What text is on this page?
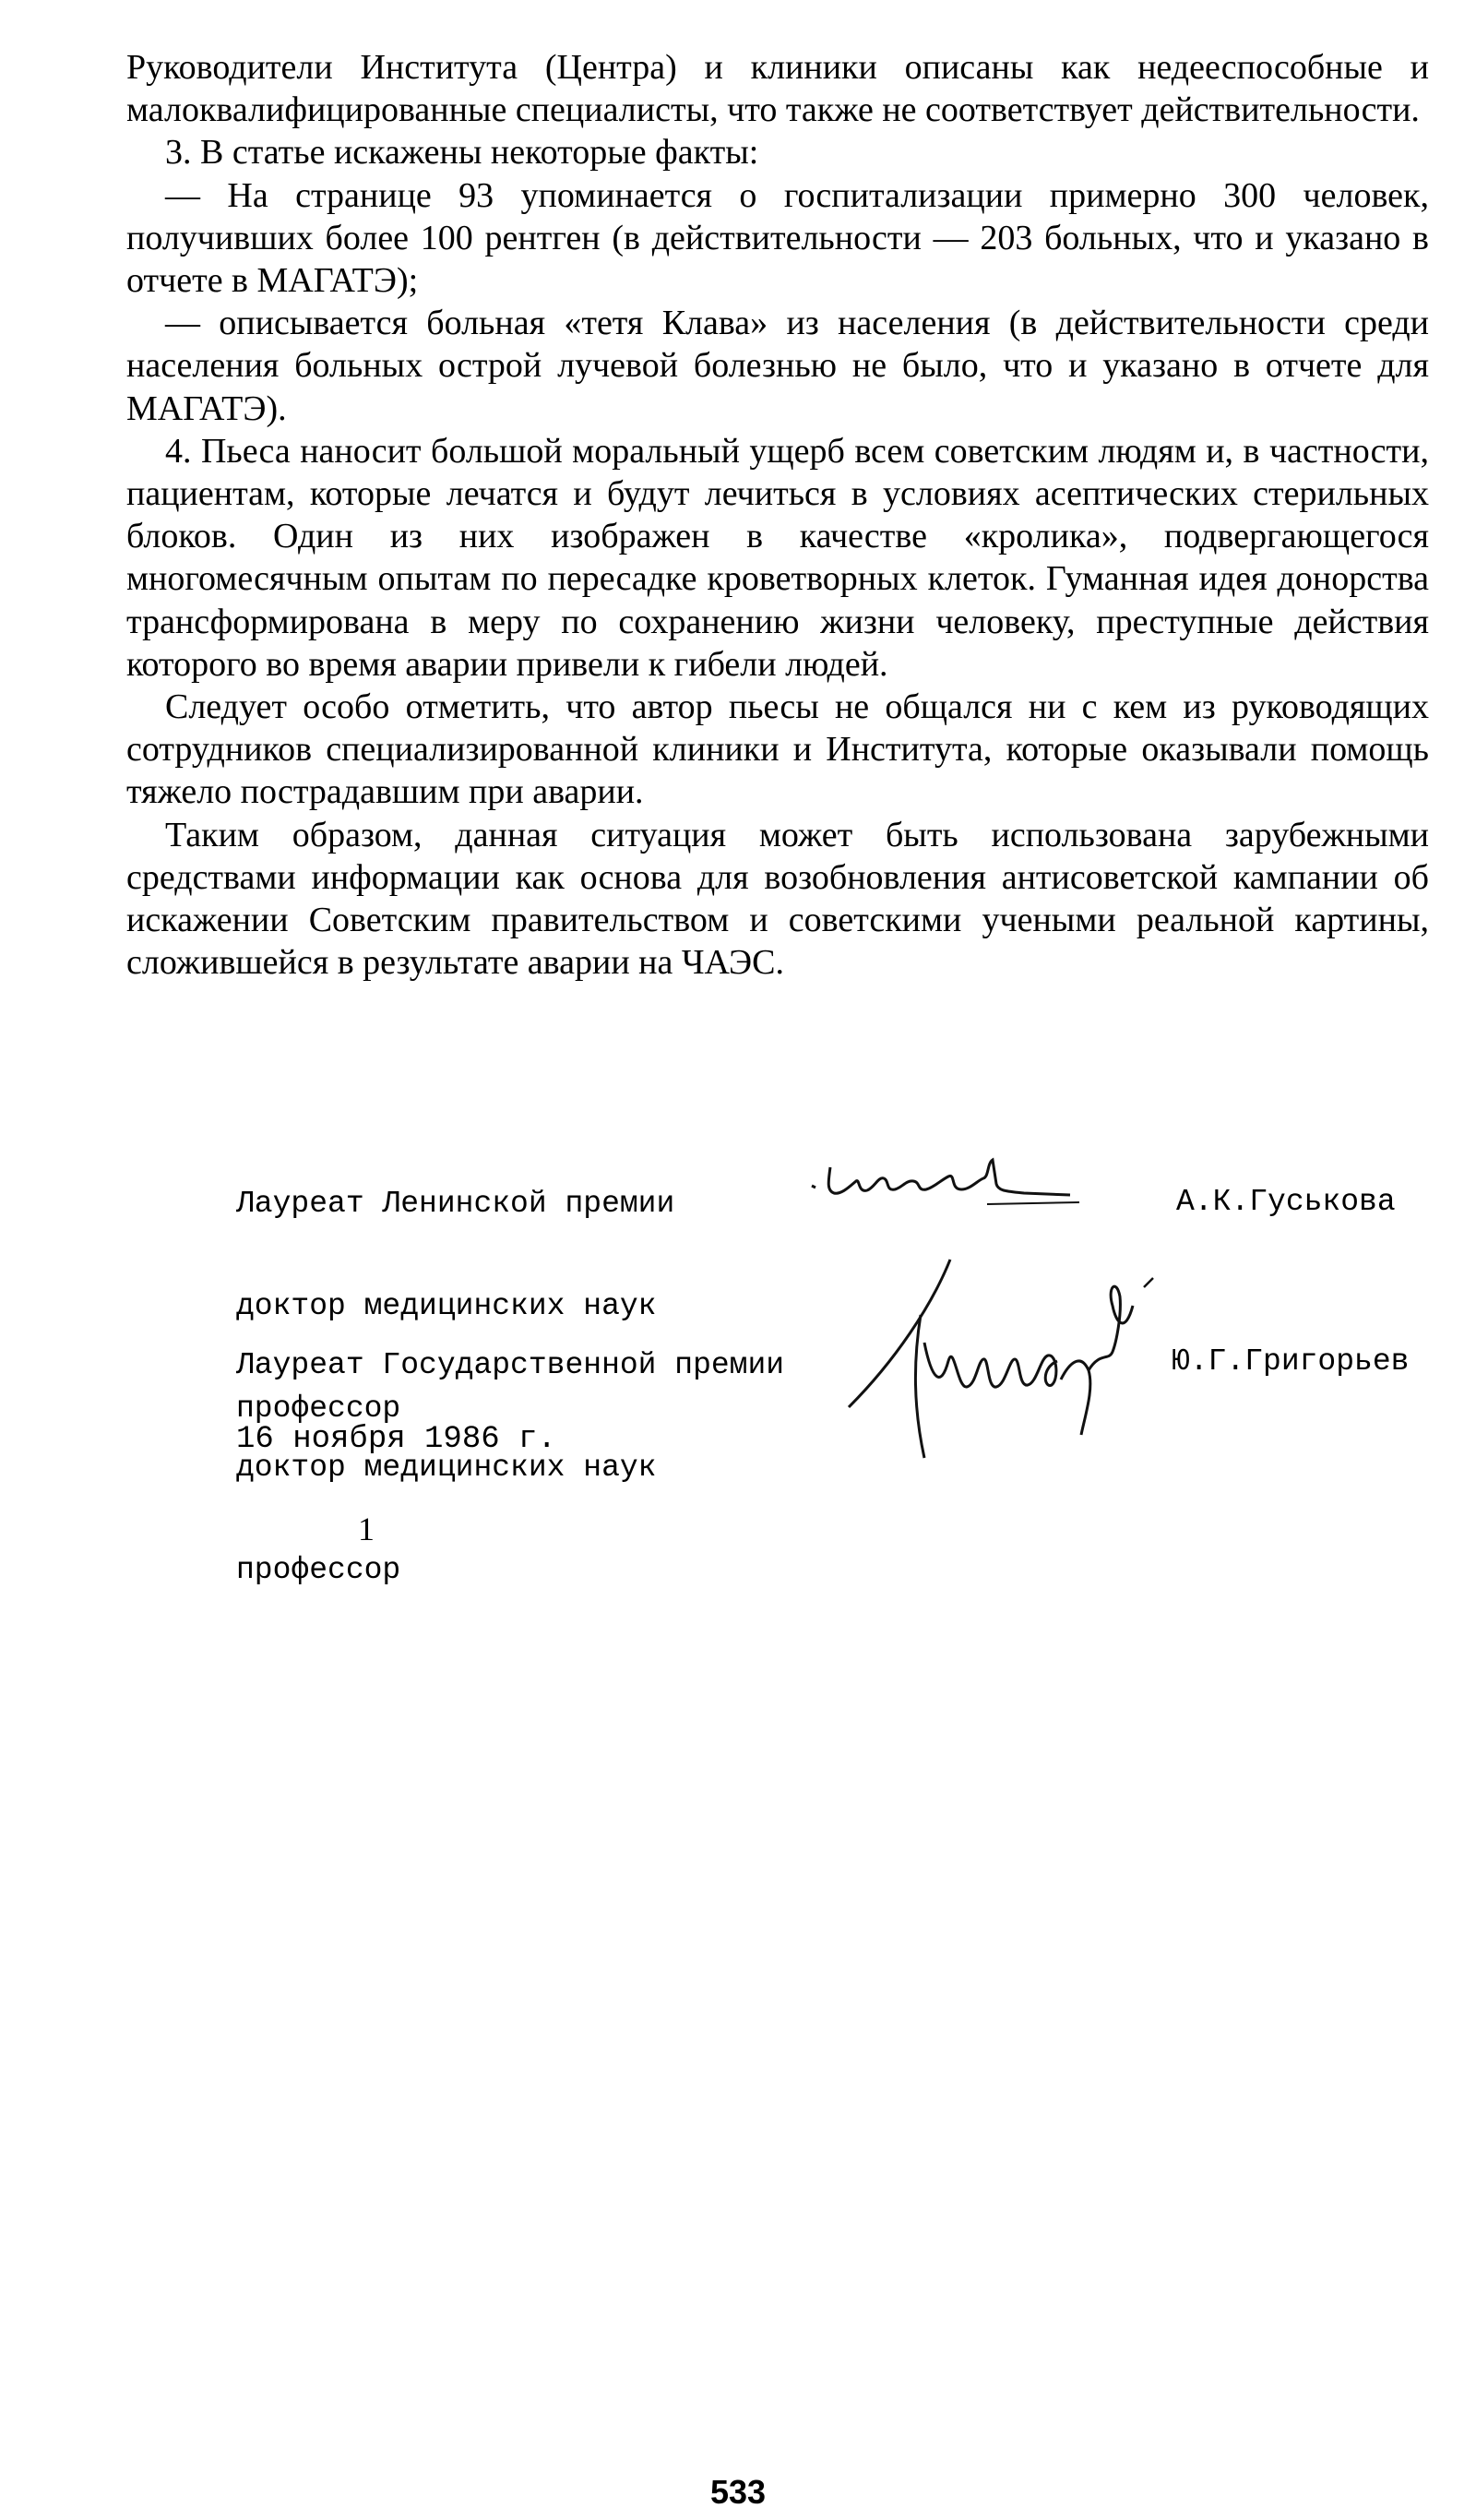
Руководители Института (Центра) и клиники описаны как недееспособные и малоквалифицированные специалисты, что также не соответствует действительности.

3. В статье искажены некоторые факты:

— На странице 93 упоминается о госпитализации примерно 300 человек, получивших более 100 рентген (в действительности — 203 больных, что и указано в отчете в МАГАТЭ);

— описывается больная «тетя Клава» из населения (в действительности среди населения больных острой лучевой болезнью не было, что и указано в отчете для МАГАТЭ).

4. Пьеса наносит большой моральный ущерб всем советским людям и, в частности, пациентам, которые лечатся и будут лечиться в условиях асептических стерильных блоков. Один из них изображен в качестве «кролика», подвергающегося многомесячным опытам по пересадке кроветворных клеток. Гуманная идея донорства трансформирована в меру по сохранению жизни человеку, преступные действия которого во время аварии привели к гибели людей.

Следует особо отметить, что автор пьесы не общался ни с кем из руководящих сотрудников специализированной клиники и Института, которые оказывали помощь тяжело пострадавшим при аварии.

Таким образом, данная ситуация может быть использована зарубежными средствами информации как основа для возобновления антисоветской кампании об искажении Советским правительством и советскими учеными реальной картины, сложившейся в результате аварии на ЧАЭС.

Лауреат Ленинской премии

доктор медицинских наук

профессор

А.К.Гуськова

Лауреат Государственной премии

доктор медицинских наук

профессор

Ю.Г.Григорьев
16 ноября 1986 г.
1
533
